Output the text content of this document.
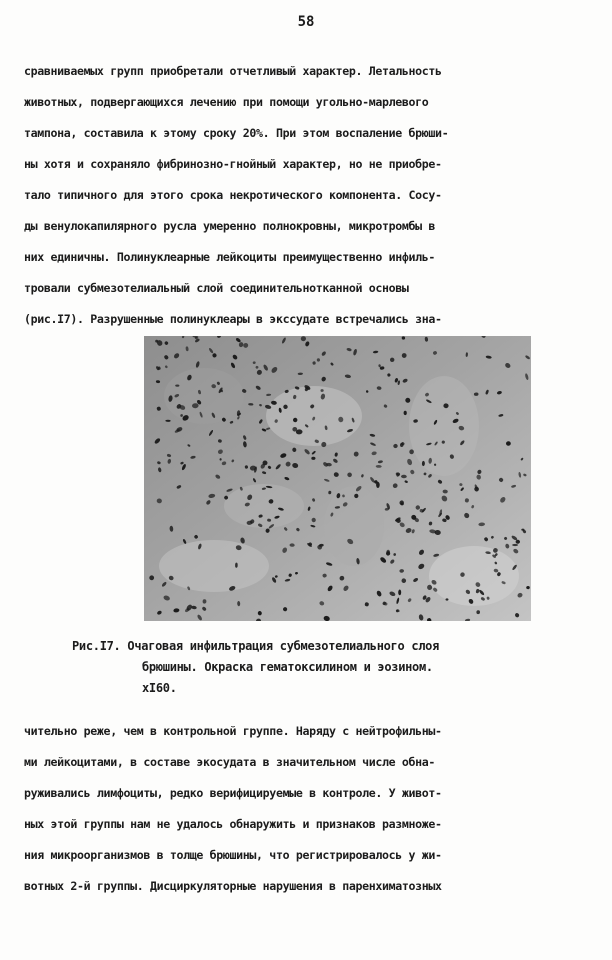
58
сравниваемых групп приобретали отчетливый характер. Летальность
животных, подвергающихся лечению при помощи угольно-марлевого
тампона, составила к этому сроку 20%. При этом воспаление брюши-
ны хотя и сохраняло фибринозно-гнойный характер, но не приобре-
тало типичного для этого срока некротического компонента. Сосу-
ды венулокапилярного русла умеренно полнокровны, микротромбы в
них единичны. Полинуклеарные лейкоциты преимущественно инфиль-
тровали субмезотелиальный слой соединительнотканной основы
(рис.I7). Разрушенные полинуклеары в экссудате встречались зна-
Рис.I7. Очаговая инфильтрация субмезотелиального слоя
брюшины. Окраска гематоксилином и эозином.
хI60.
чительно реже, чем в контрольной группе. Наряду с нейтрофильны-
ми лейкоцитами, в составе экосудата в значительном числе обна-
руживались лимфоциты, редко верифицируемые в контроле. У живот-
ных этой группы нам не удалось обнаружить и признаков размноже-
ния микроорганизмов в толще брюшины, что регистрировалось у жи-
вотных 2-й группы. Дисциркуляторные нарушения в паренхиматозных
